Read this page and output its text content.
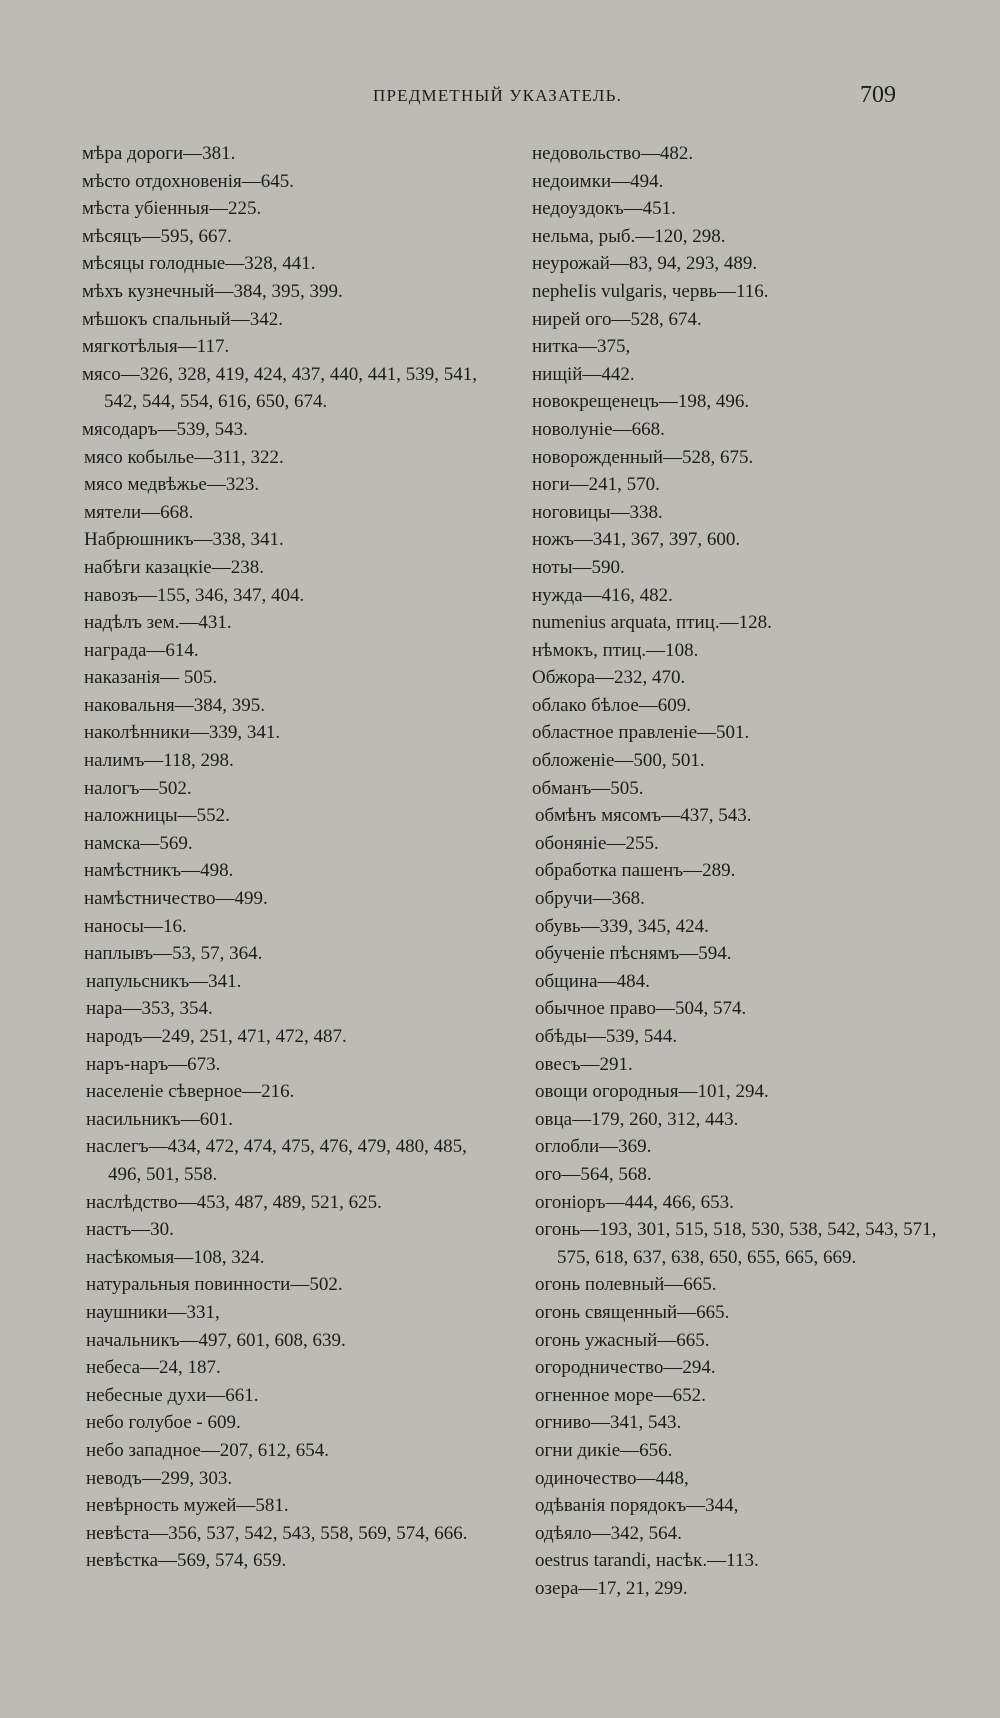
ПРЕДМЕТНЫЙ УКАЗАТЕЛЬ.	709
мѣра дороги—381.
мѣсто отдохновенія—645.
мѣста убіенныя—225.
мѣсяцъ—595, 667.
мѣсяцы голодные—328, 441.
мѣхъ кузнечный—384, 395, 399.
мѣшокъ спальный—342.
мягкотѣлыя—117.
мясо—326, 328, 419, 424, 437, 440, 441, 539, 541, 542, 544, 554, 616, 650, 674.
мясодаръ—539, 543.
мясо кобылье—311, 322.
мясо медвѣжье—323.
мятели—668.
Набрюшникъ—338, 341.
набѣги казацкіе—238.
навозъ—155, 346, 347, 404.
надѣлъ зем.—431.
награда—614.
наказанія— 505.
наковальня—384, 395.
наколѣнники—339, 341.
налимъ—118, 298.
налогъ—502.
наложницы—552.
намска—569.
намѣстникъ—498.
намѣстничество—499.
наносы—16.
наплывъ—53, 57, 364.
напульсникъ—341.
нара—353, 354.
народъ—249, 251, 471, 472, 487.
наръ-наръ—673.
населеніе сѣверное—216.
насильникъ—601.
наслегъ—434, 472, 474, 475, 476, 479, 480, 485, 496, 501, 558.
наслѣдство—453, 487, 489, 521, 625.
настъ—30.
насѣкомыя—108, 324.
натуральныя повинности—502.
наушники—331,
начальникъ—497, 601, 608, 639.
небеса—24, 187.
небесные духи—661.
небо голубое - 609.
небо западное—207, 612, 654.
неводъ—299, 303.
невѣрность мужей—581.
невѣста—356, 537, 542, 543, 558, 569, 574, 666.
невѣстка—569, 574, 659.
недовольство—482.
недоимки—494.
недоуздокъ—451.
нельма, рыб.—120, 298.
неурожай—83, 94, 293, 489.
nepheІis vulgaris, червь—116.
нирей ого—528, 674.
нитка—375,
нищій—442.
новокрещенецъ—198, 496.
новолуніе—668.
новорожденный—528, 675.
ноги—241, 570.
ноговицы—338.
ножъ—341, 367, 397, 600.
ноты—590.
нужда—416, 482.
numenius arquata, птиц.—128.
нѣмокъ, птиц.—108.
Обжора—232, 470.
облако бѣлое—609.
областное правленіе—501.
обложеніе—500, 501.
обманъ—505.
обмѣнъ мясомъ—437, 543.
обоняніе—255.
обработка пашенъ—289.
обручи—368.
обувь—339, 345, 424.
обученіе пѣснямъ—594.
община—484.
обычное право—504, 574.
обѣды—539, 544.
овесъ—291.
овощи огородныя—101, 294.
овца—179, 260, 312, 443.
оглобли—369.
ого—564, 568.
огоніоръ—444, 466, 653.
огонь—193, 301, 515, 518, 530, 538, 542, 543, 571, 575, 618, 637, 638, 650, 655, 665, 669.
огонь полевный—665.
огонь священный—665.
огонь ужасный—665.
огородничество—294.
огненное море—652.
огниво—341, 543.
огни дикіе—656.
одиночество—448,
одѣванія порядокъ—344,
одѣяло—342, 564.
oestrus tarandi, насѣк.—113.
озера—17, 21, 299.
